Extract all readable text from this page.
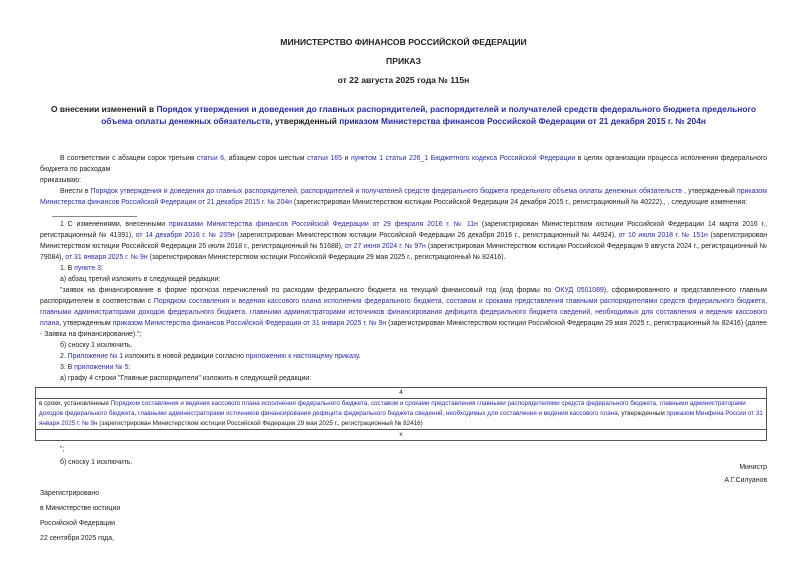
МИНИСТЕРСТВО ФИНАНСОВ РОССИЙСКОЙ ФЕДЕРАЦИИ
ПРИКАЗ
от 22 августа 2025 года № 115н
О внесении изменений в Порядок утверждения и доведения до главных распорядителей, распорядителей и получателей средств федерального бюджета предельного объема оплаты денежных обязательств, утвержденный приказом Министерства финансов Российской Федерации от 21 декабря 2015 г. № 204н

В соответствии с абзацем сорок третьим статьи 6, абзацем сорок шестым статьи 165 и пунктом 1 статьи 226_1 Бюджетного кодекса Российской Федерации в целях организации процесса исполнения федерального бюджета по расходам

приказываю:

Внести в Порядок утверждения и доведения до главных распорядителей, распорядителей и получателей средств федерального бюджета предельного объема оплаты денежных обязательств , утвержденный приказом Министерства финансов Российской Федерации от 21 декабря 2015 г. № 204н (зарегистрирован Министерством юстиции Российской Федерации 24 декабря 2015 г., регистрационный № 40222)., , следующие изменения:

1 С изменениями, внесенными приказами Министерства финансов Российской Федерации от 29 февраля 2016 г. № 11н (зарегистрирован Министерством юстиции Российской Федерации 14 марта 2016 г., регистрационный № 41391), от 14 декабря 2016 г. № 235н (зарегистрирован Министерством юстиции Российской Федерации 26 декабря 2016 г., регистрационный № 44924), от 10 июля 2018 г. № 151н (зарегистрирован Министерством юстиции Российской Федерации 25 июля 2018 г., регистрационный № 51688), от 27 июня 2024 г. № 97н (зарегистрирован Министерством юстиции Российской Федерации 9 августа 2024 г., регистрационный № 79084), от 31 января 2025 г. № 9н (зарегистрирован Министерством юстиции Российской Федерации 29 мая 2025 г., регистрационный № 82416).

1. В пункте 3:

а) абзац третий изложить в следующей редакции:

"заявок на финансирование в форме прогноза перечислений по расходам федерального бюджета на текущий финансовый год (код формы по ОКУД 0501089), сформированного и представленного главным распорядителем в соответствии с Порядком составления и ведения кассового плана исполнения федерального бюджета, составом и сроками представления главными распорядителями средств федерального бюджета, главными администраторами доходов федерального бюджета, главными администраторами источников финансирования дефицита федерального бюджета сведений, необходимых для составления и ведения кассового плана, утвержденным приказом Министерства финансов Российской Федерации от 31 января 2025 г. № 9н (зарегистрирован Министерством юстиции Российской Федерации 29 мая 2025 г., регистрационный № 82416) (далее - Заявка на финансирование).";

б) сноску 1 исключить.

2. Приложение № 1 изложить в новой редакции согласно приложению к настоящему приказу.

3. В приложении № 5:

а) графу 4 строки "Главные распорядители" изложить в следующей редакции:

4
в сроки, установленные Порядком составления и ведения кассового плана исполнения федерального бюджета, составом и сроками представления главными распорядителями средств федерального бюджета, главными администраторами доходов федерального бюджета, главными администраторами источников финансирования дефицита федерального бюджета сведений, необходимых для составления и ведения кассового плана, утвержденным приказом Минфина России от 31 января 2025 г. № 9н (зарегистрирован Министерством юстиции Российской Федерации 29 мая 2025 г., регистрационный № 82416)
x

";

б) сноску 1 исключить.

Министр
А.Г.Силуанов
Зарегистрировано
в Министерстве юстиции
Российской Федерации
22 сентября 2025 года,
